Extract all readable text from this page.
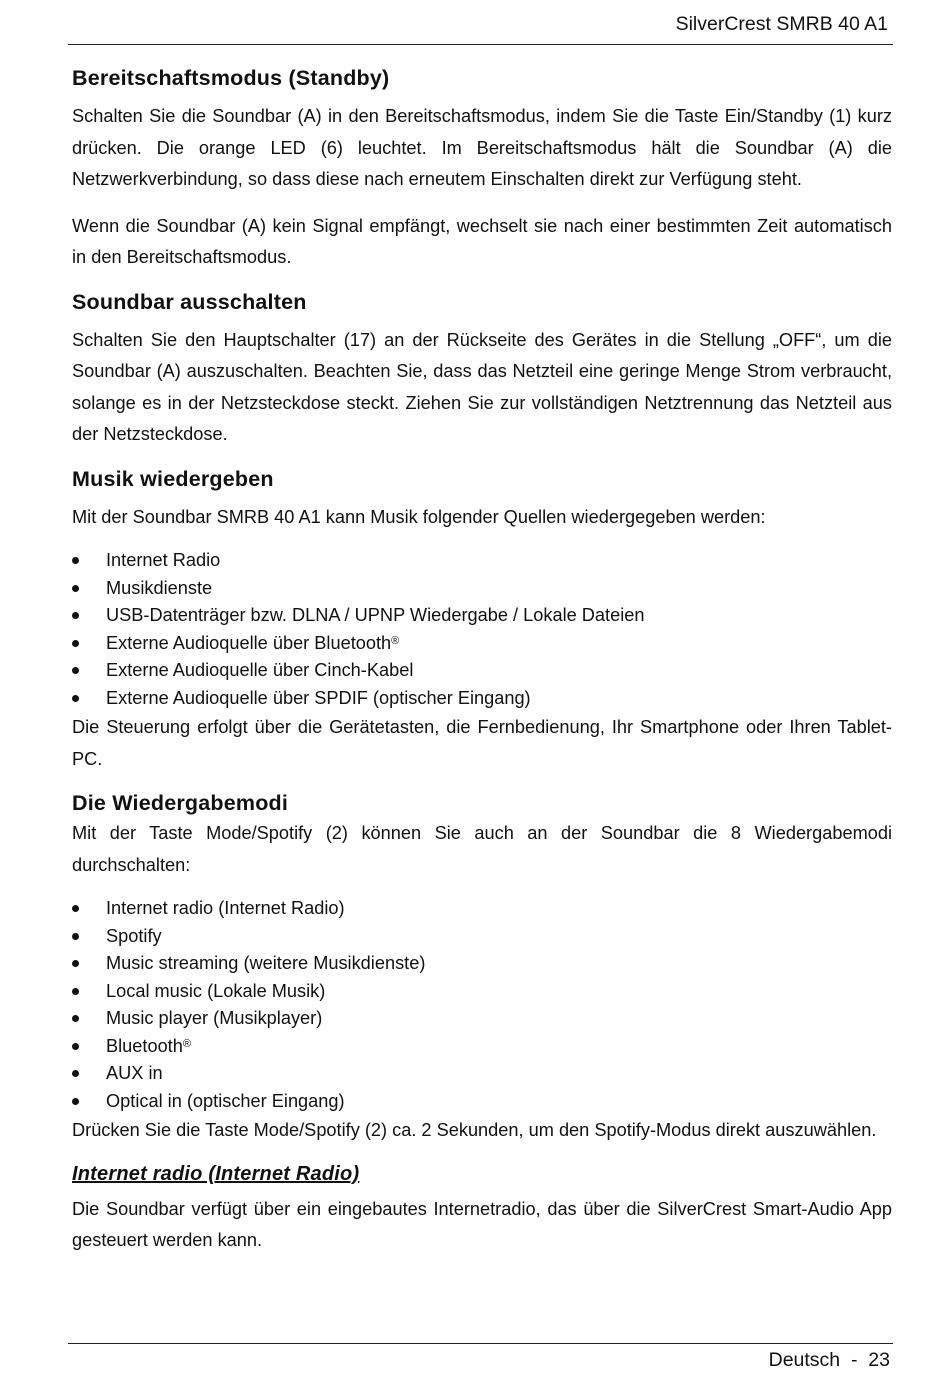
SilverCrest SMRB 40 A1
Bereitschaftsmodus (Standby)

Schalten Sie die Soundbar (A) in den Bereitschaftsmodus, indem Sie die Taste Ein/Standby (1) kurz drücken. Die orange LED (6) leuchtet. Im Bereitschaftsmodus hält die Soundbar (A) die Netzwerkverbindung, so dass diese nach erneutem Einschalten direkt zur Verfügung steht.

Wenn die Soundbar (A) kein Signal empfängt, wechselt sie nach einer bestimmten Zeit automatisch in den Bereitschaftsmodus.

Soundbar ausschalten

Schalten Sie den Hauptschalter (17) an der Rückseite des Gerätes in die Stellung „OFF“, um die Soundbar (A) auszuschalten. Beachten Sie, dass das Netzteil eine geringe Menge Strom verbraucht, solange es in der Netzsteckdose steckt. Ziehen Sie zur vollständigen Netztrennung das Netzteil aus der Netzsteckdose.

Musik wiedergeben

Mit der Soundbar SMRB 40 A1 kann Musik folgender Quellen wiedergegeben werden:

Internet Radio
Musikdienste
USB-Datenträger bzw. DLNA / UPNP Wiedergabe / Lokale Dateien
Externe Audioquelle über Bluetooth®
Externe Audioquelle über Cinch-Kabel
Externe Audioquelle über SPDIF (optischer Eingang)

Die Steuerung erfolgt über die Gerätetasten, die Fernbedienung, Ihr Smartphone oder Ihren Tablet-PC.

Die Wiedergabemodi

Mit der Taste Mode/Spotify (2) können Sie auch an der Soundbar die 8 Wiedergabemodi durchschalten:

Internet radio (Internet Radio)
Spotify
Music streaming (weitere Musikdienste)
Local music (Lokale Musik)
Music player (Musikplayer)
Bluetooth®
AUX in
Optical in (optischer Eingang)

Drücken Sie die Taste Mode/Spotify (2) ca. 2 Sekunden, um den Spotify-Modus direkt auszuwählen.

Internet radio (Internet Radio)

Die Soundbar verfügt über ein eingebautes Internetradio, das über die SilverCrest Smart-Audio App gesteuert werden kann.

Deutsch  -  23
